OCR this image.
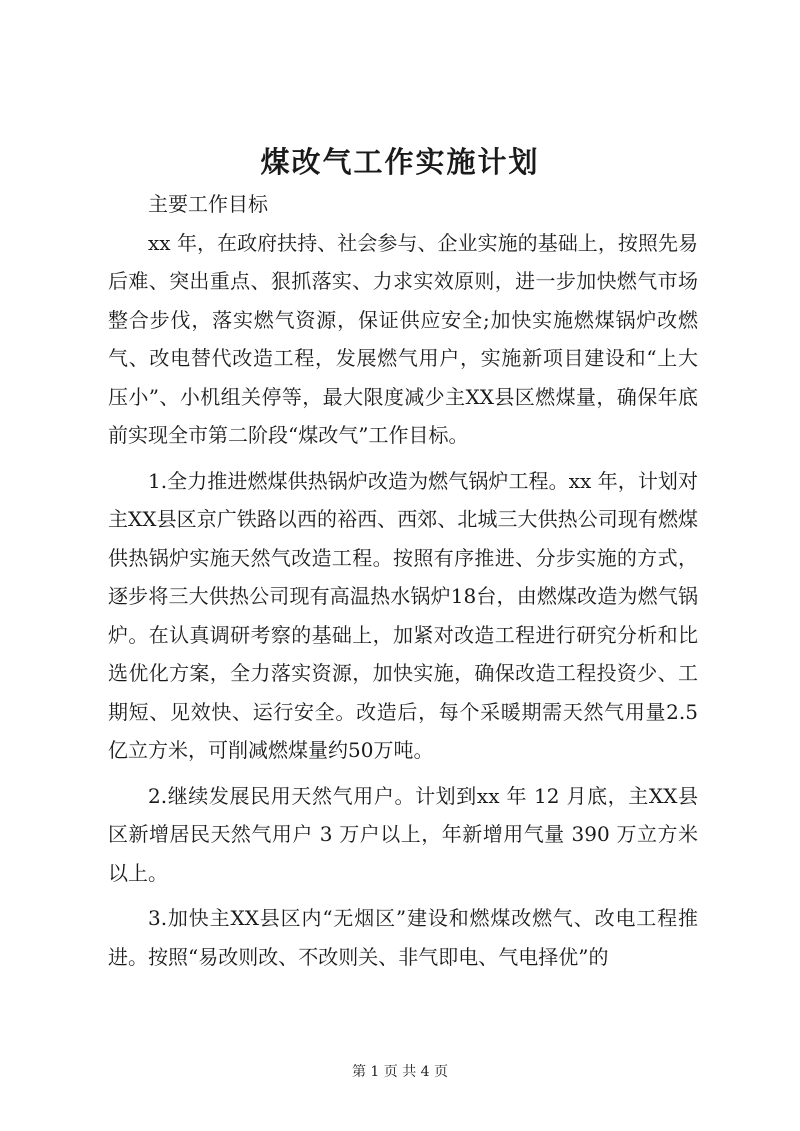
煤改气工作实施计划

主要工作目标

xx 年，在政府扶持、社会参与、企业实施的基础上，按照先易后难、突出重点、狠抓落实、力求实效原则，进一步加快燃气市场整合步伐，落实燃气资源，保证供应安全;加快实施燃煤锅炉改燃气、改电替代改造工程，发展燃气用户，实施新项目建设和“上大压小”、小机组关停等，最大限度减少主XX县区燃煤量，确保年底前实现全市第二阶段“煤改气”工作目标。

1.全力推进燃煤供热锅炉改造为燃气锅炉工程。xx 年，计划对主XX县区京广铁路以西的裕西、西郊、北城三大供热公司现有燃煤供热锅炉实施天然气改造工程。按照有序推进、分步实施的方式，逐步将三大供热公司现有高温热水锅炉18台，由燃煤改造为燃气锅炉。在认真调研考察的基础上，加紧对改造工程进行研究分析和比选优化方案，全力落实资源，加快实施，确保改造工程投资少、工期短、见效快、运行安全。改造后，每个采暖期需天然气用量2.5亿立方米，可削减燃煤量约50万吨。

2.继续发展民用天然气用户。计划到xx 年 12 月底，主XX县区新增居民天然气用户 3 万户以上，年新增用气量 390 万立方米以上。

3.加快主XX县区内“无烟区”建设和燃煤改燃气、改电工程推进。按照“易改则改、不改则关、非气即电、气电择优”的

第 1 页 共 4 页
